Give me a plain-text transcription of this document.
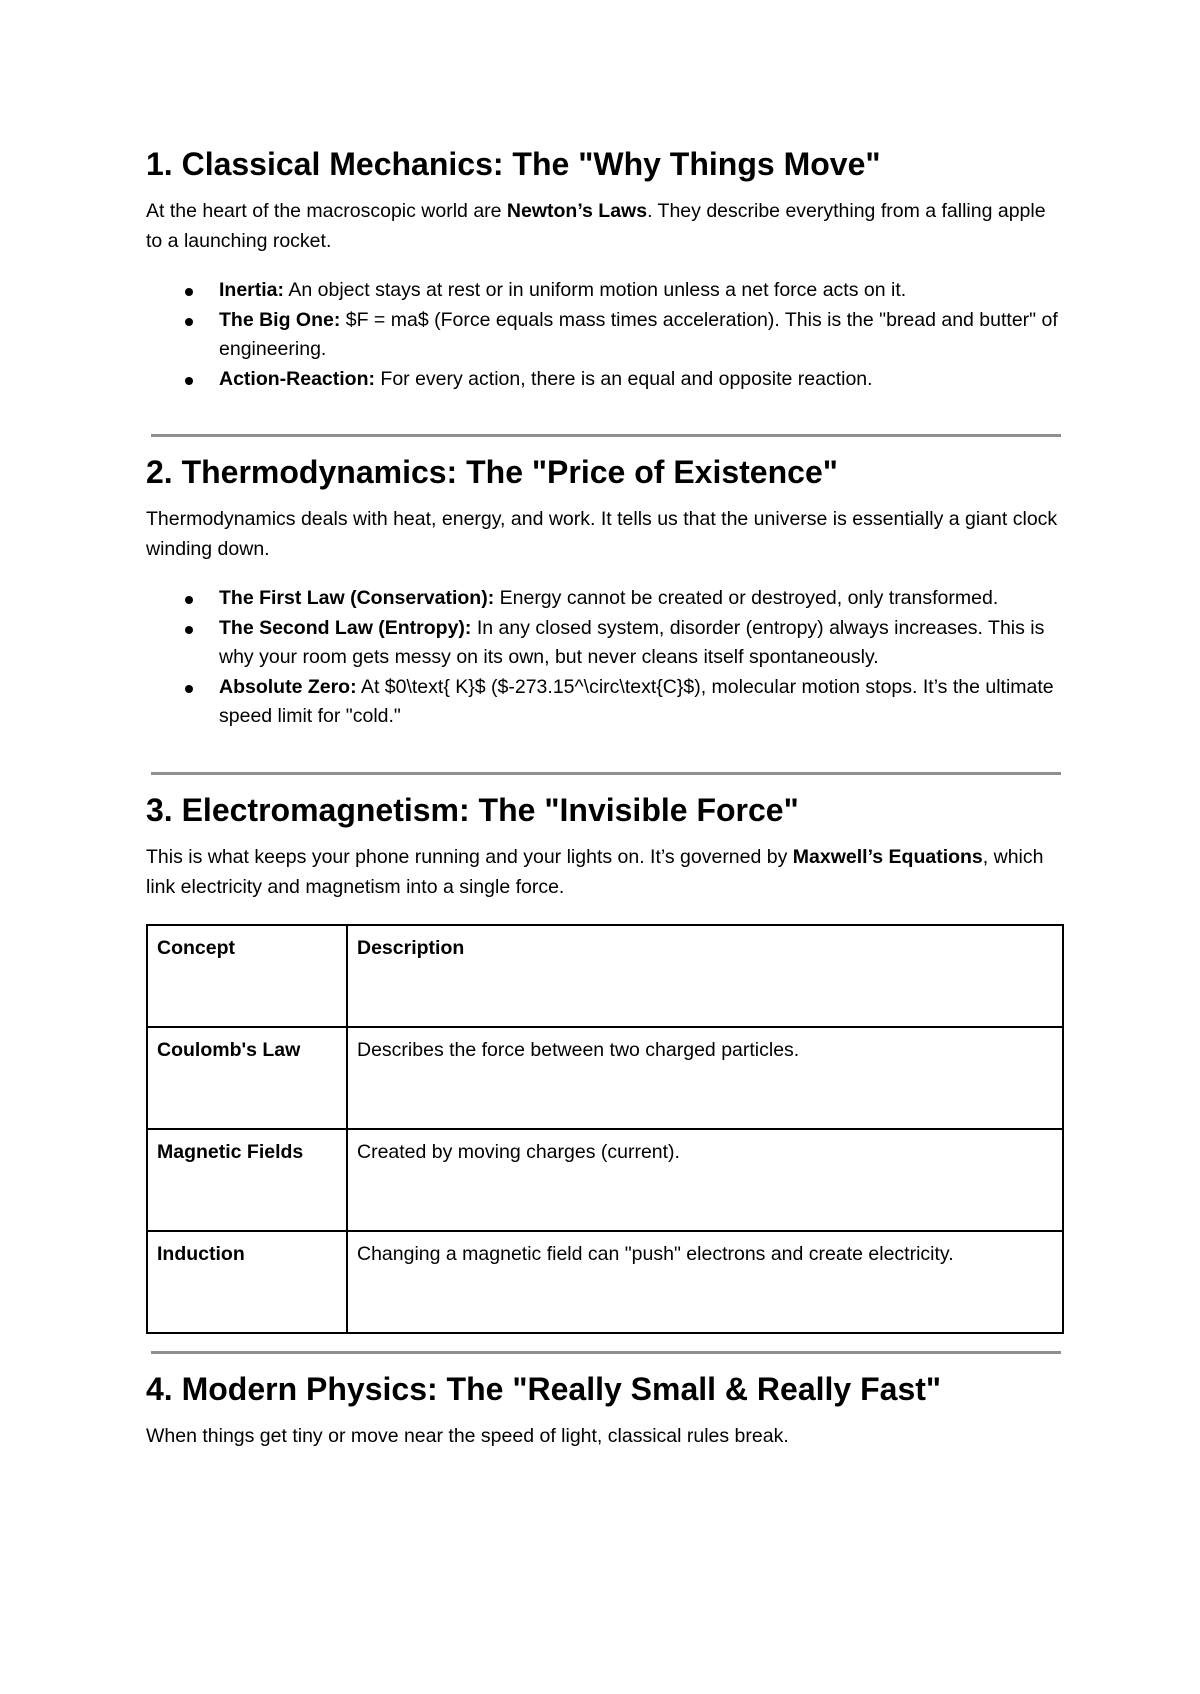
1. Classical Mechanics: The "Why Things Move"

At the heart of the macroscopic world are Newton’s Laws. They describe everything from a falling apple to a launching rocket.

Inertia: An object stays at rest or in uniform motion unless a net force acts on it.
The Big One: $F = ma$ (Force equals mass times acceleration). This is the "bread and butter" of engineering.
Action-Reaction: For every action, there is an equal and opposite reaction.
2. Thermodynamics: The "Price of Existence"

Thermodynamics deals with heat, energy, and work. It tells us that the universe is essentially a giant clock winding down.

The First Law (Conservation): Energy cannot be created or destroyed, only transformed.
The Second Law (Entropy): In any closed system, disorder (entropy) always increases. This is why your room gets messy on its own, but never cleans itself spontaneously.
Absolute Zero: At $0\text{ K}$ ($-273.15^\circ\text{C}$), molecular motion stops. It’s the ultimate speed limit for "cold."
3. Electromagnetism: The "Invisible Force"

This is what keeps your phone running and your lights on. It’s governed by Maxwell’s Equations, which link electricity and magnetism into a single force.

Concept	Description
Coulomb's Law	Describes the force between two charged particles.
Magnetic Fields	Created by moving charges (current).
Induction	Changing a magnetic field can "push" electrons and create electricity.
4. Modern Physics: The "Really Small & Really Fast"

When things get tiny or move near the speed of light, classical rules break.
